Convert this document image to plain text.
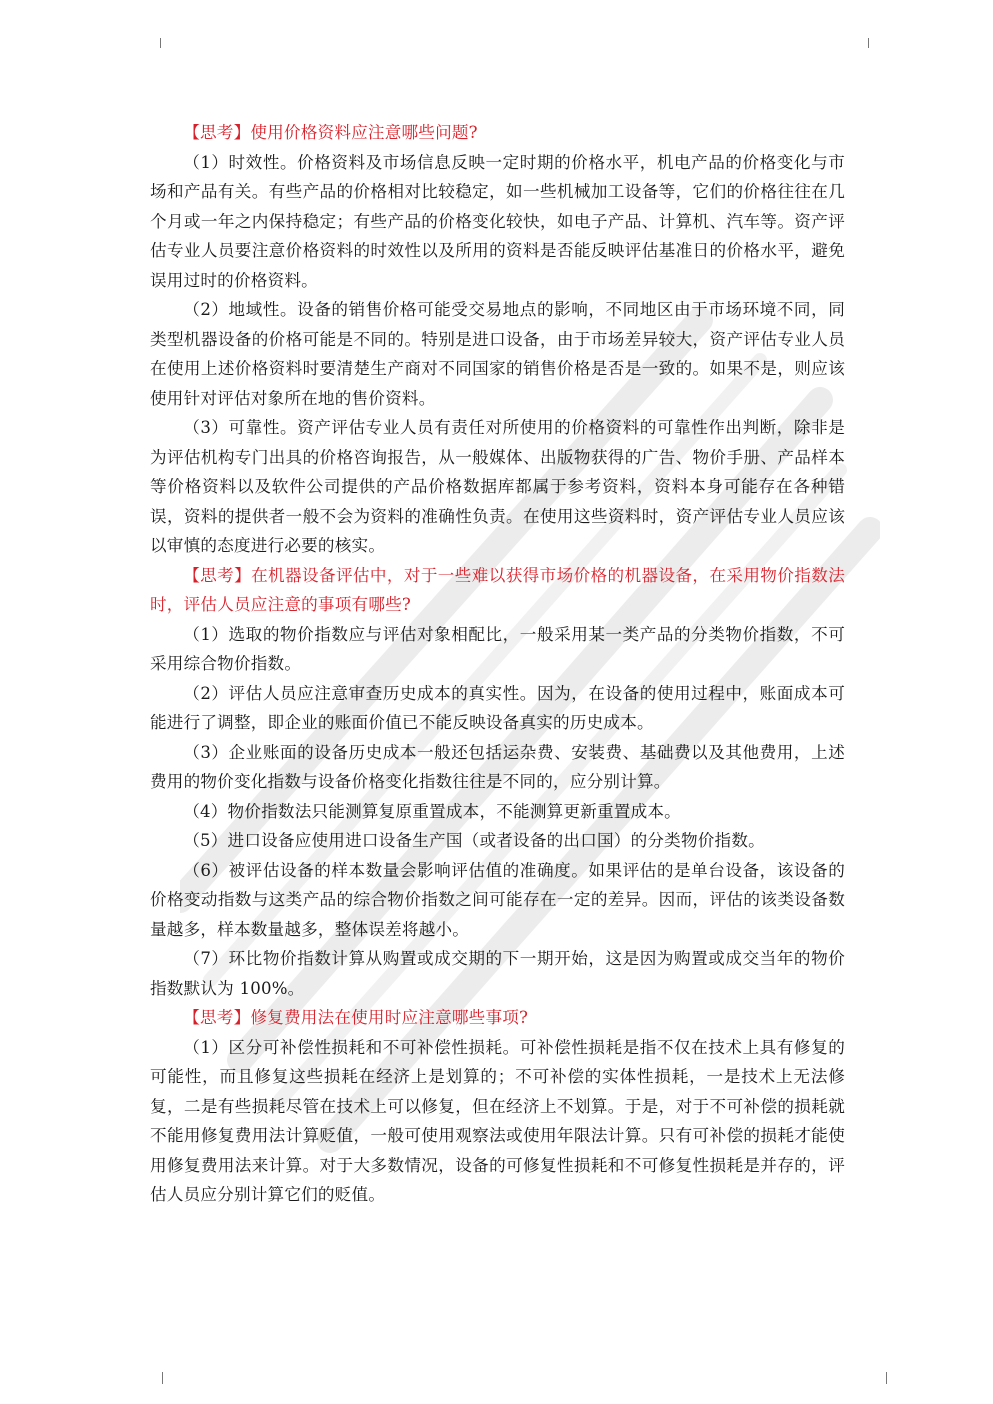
【思考】使用价格资料应注意哪些问题?

（1）时效性。价格资料及市场信息反映一定时期的价格水平，机电产品的价格变化与市场和产品有关。有些产品的价格相对比较稳定，如一些机械加工设备等，它们的价格往往在几个月或一年之内保持稳定；有些产品的价格变化较快，如电子产品、计算机、汽车等。资产评估专业人员要注意价格资料的时效性以及所用的资料是否能反映评估基准日的价格水平，避免误用过时的价格资料。

（2）地域性。设备的销售价格可能受交易地点的影响，不同地区由于市场环境不同，同类型机器设备的价格可能是不同的。特别是进口设备，由于市场差异较大，资产评估专业人员在使用上述价格资料时要清楚生产商对不同国家的销售价格是否是一致的。如果不是，则应该使用针对评估对象所在地的售价资料。

（3）可靠性。资产评估专业人员有责任对所使用的价格资料的可靠性作出判断，除非是为评估机构专门出具的价格咨询报告，从一般媒体、出版物获得的广告、物价手册、产品样本等价格资料以及软件公司提供的产品价格数据库都属于参考资料，资料本身可能存在各种错误，资料的提供者一般不会为资料的准确性负责。在使用这些资料时，资产评估专业人员应该以审慎的态度进行必要的核实。

【思考】在机器设备评估中，对于一些难以获得市场价格的机器设备，在采用物价指数法时，评估人员应注意的事项有哪些?

（1）选取的物价指数应与评估对象相配比，一般采用某一类产品的分类物价指数，不可采用综合物价指数。

（2）评估人员应注意审查历史成本的真实性。因为，在设备的使用过程中，账面成本可能进行了调整，即企业的账面价值已不能反映设备真实的历史成本。

（3）企业账面的设备历史成本一般还包括运杂费、安装费、基础费以及其他费用，上述费用的物价变化指数与设备价格变化指数往往是不同的，应分别计算。

（4）物价指数法只能测算复原重置成本，不能测算更新重置成本。

（5）进口设备应使用进口设备生产国（或者设备的出口国）的分类物价指数。

（6）被评估设备的样本数量会影响评估值的准确度。如果评估的是单台设备，该设备的价格变动指数与这类产品的综合物价指数之间可能存在一定的差异。因而，评估的该类设备数量越多，样本数量越多，整体误差将越小。

（7）环比物价指数计算从购置或成交期的下一期开始，这是因为购置或成交当年的物价指数默认为 100%。

【思考】修复费用法在使用时应注意哪些事项?

（1）区分可补偿性损耗和不可补偿性损耗。可补偿性损耗是指不仅在技术上具有修复的可能性，而且修复这些损耗在经济上是划算的；不可补偿的实体性损耗，一是技术上无法修复，二是有些损耗尽管在技术上可以修复，但在经济上不划算。于是，对于不可补偿的损耗就不能用修复费用法计算贬值，一般可使用观察法或使用年限法计算。只有可补偿的损耗才能使用修复费用法来计算。对于大多数情况，设备的可修复性损耗和不可修复性损耗是并存的，评估人员应分别计算它们的贬值。
